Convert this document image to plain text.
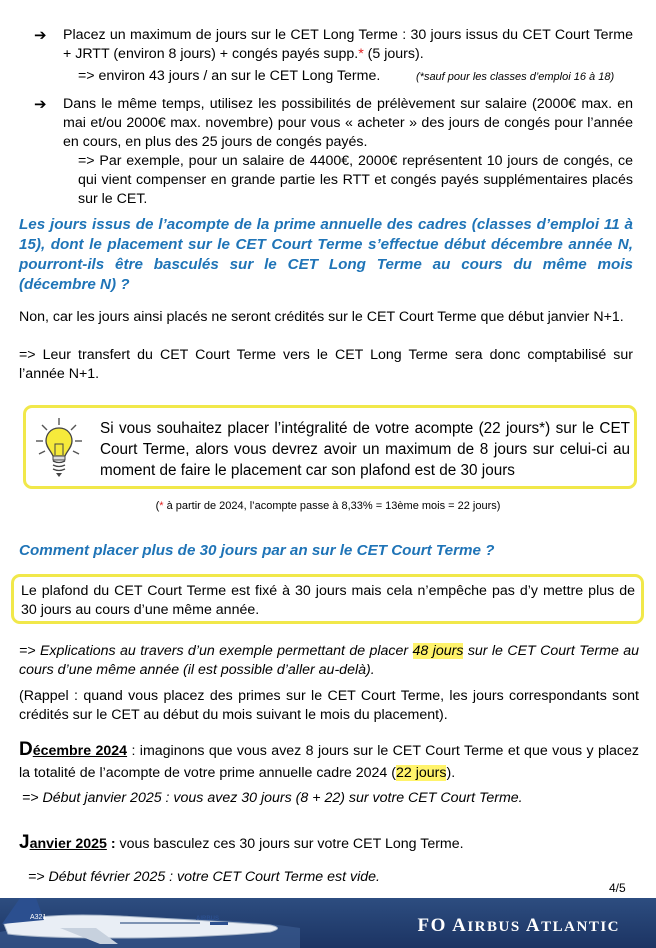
➔ Placez un maximum de jours sur le CET Long Terme : 30 jours issus du CET Court Terme + JRTT (environ 8 jours) + congés payés supp.* (5 jours).
=> environ 43 jours / an sur le CET Long Terme.	(*sauf pour les classes d’emploi 16 à 18)
➔ Dans le même temps, utilisez les possibilités de prélèvement sur salaire (2000€ max. en mai et/ou 2000€ max. novembre) pour vous « acheter » des jours de congés pour l’année en cours, en plus des 25 jours de congés payés.
=> Par exemple, pour un salaire de 4400€, 2000€ représentent 10 jours de congés, ce qui vient compenser en grande partie les RTT et congés payés supplémentaires placés sur le CET.
Les jours issus de l’acompte de la prime annuelle des cadres (classes d’emploi 11 à 15), dont le placement sur le CET Court Terme s’effectue début décembre année N, pourront-ils être basculés sur le CET Long Terme au cours du même mois (décembre N) ?
Non, car les jours ainsi placés ne seront crédités sur le CET Court Terme que début janvier N+1.
=> Leur transfert du CET Court Terme vers le CET Long Terme sera donc comptabilisé sur l’année N+1.
Si vous souhaitez placer l’intégralité de votre acompte (22 jours*) sur le CET Court Terme, alors vous devrez avoir un maximum de 8 jours sur celui-ci au moment de faire le placement car son plafond est de 30 jours
(* à partir de 2024, l’acompte passe à 8,33% = 13ème mois = 22 jours)
Comment placer plus de 30 jours par an sur le CET Court Terme ?
Le plafond du CET Court Terme est fixé à 30 jours mais cela n’empêche pas d’y mettre plus de 30 jours au cours d’une même année.
=> Explications au travers d’un exemple permettant de placer 48 jours sur le CET Court Terme au cours d’une même année (il est possible d’aller au-delà).
(Rappel : quand vous placez des primes sur le CET Court Terme, les jours correspondants sont crédités sur le CET au début du mois suivant le mois du placement).
Décembre 2024 : imaginons que vous avez 8 jours sur le CET Court Terme et que vous y placez la totalité de l’acompte de votre prime annuelle cadre 2024 (22 jours).
=> Début janvier 2025 : vous avez 30 jours (8 + 22) sur votre CET Court Terme.
Janvier 2025 : vous basculez ces 30 jours sur votre CET Long Terme.
=> Début février 2025 : votre CET Court Terme est vide.
4/5
A321	AIRBUS	FO AIRBUS ATLANTIC
